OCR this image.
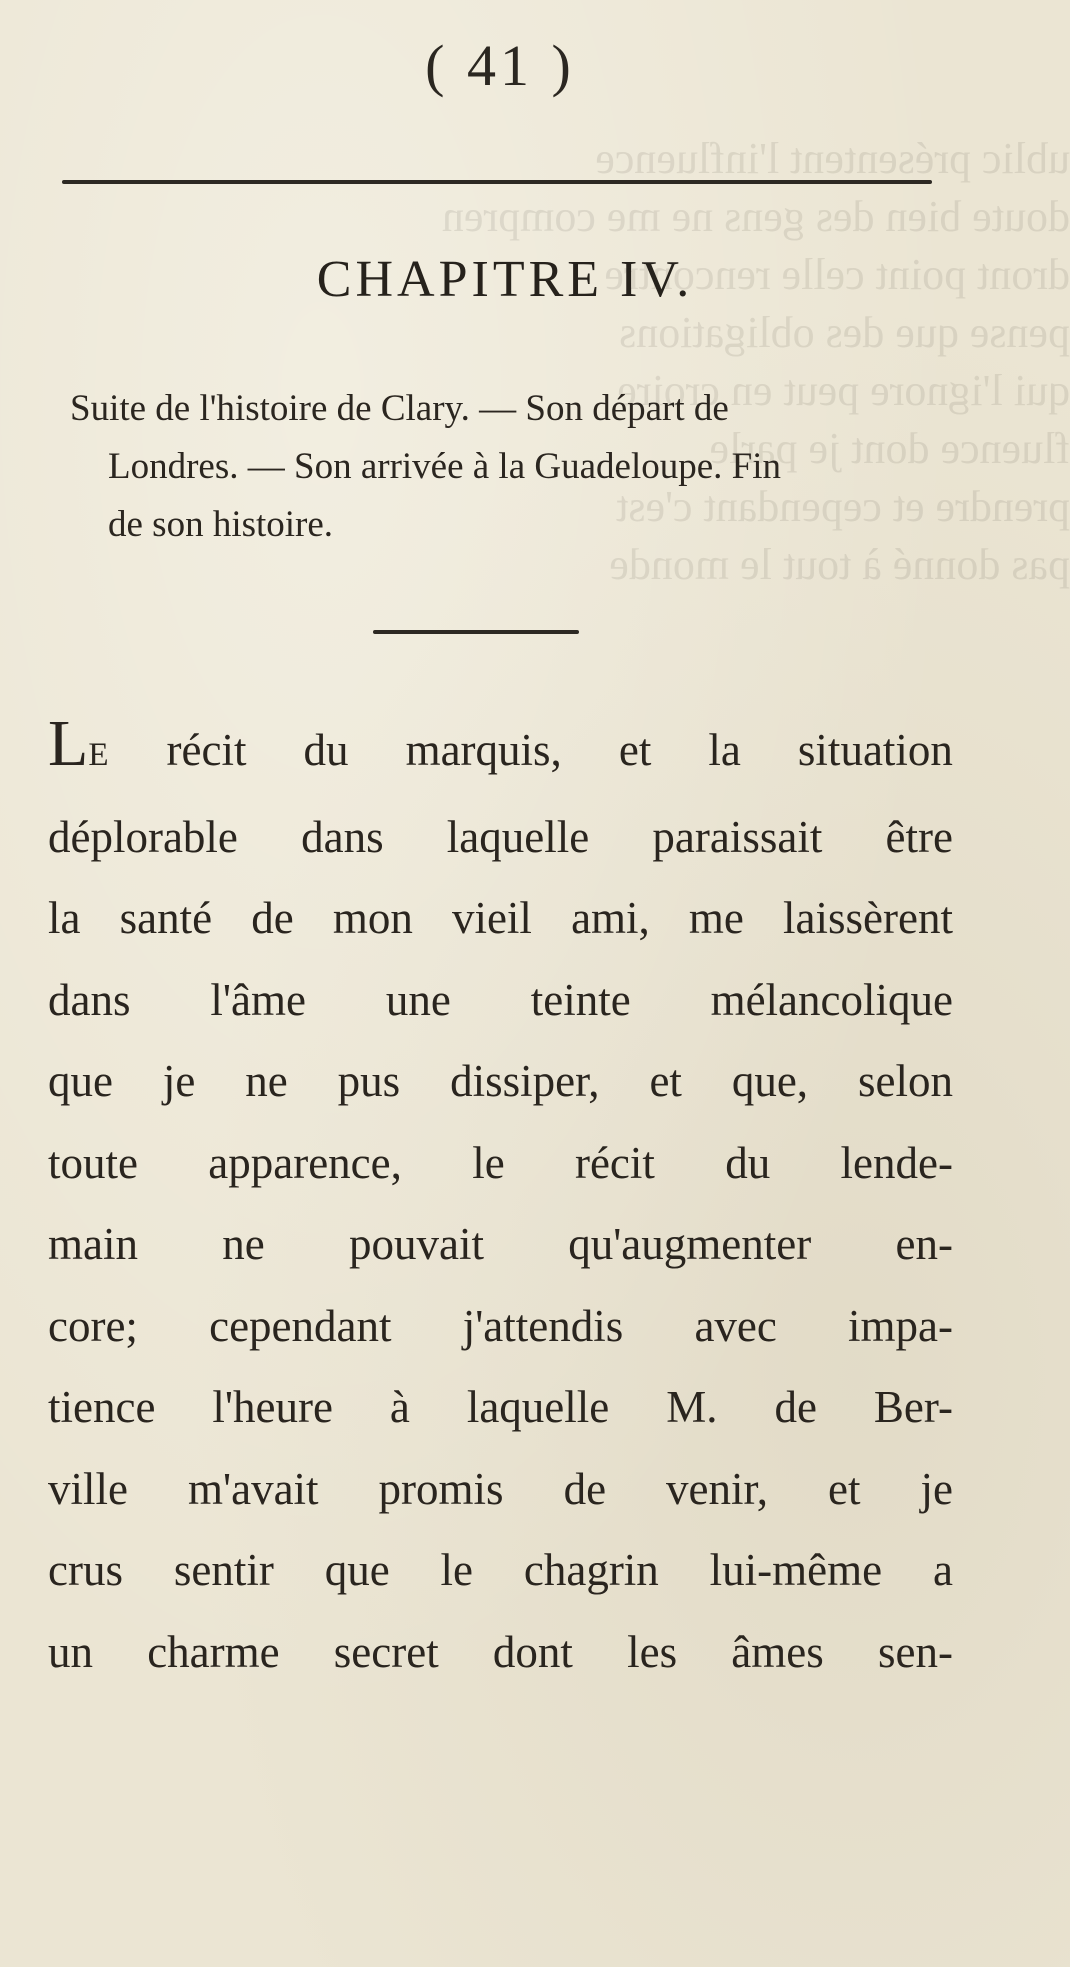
ublic présentent l'influence
doute bien des gens ne me compren
dront point celle rencontre
pense que des obligations
qui l'ignore peut en croire
fluence dont je parle
prendre et cependant c'est
pas donné à tout le monde
( 41 )
CHAPITRE IV.
Suite de l'histoire de Clary. — Son départ de
Londres. — Son arrivée à la Guadeloupe. Fin
de son histoire.
LE récit du marquis, et la situation
déplorable dans laquelle paraissait être
la santé de mon vieil ami, me laissèrent
dans l'âme une teinte mélancolique
que je ne pus dissiper, et que, selon
toute apparence, le récit du lende-
main ne pouvait qu'augmenter en-
core; cependant j'attendis avec impa-
tience l'heure à laquelle M. de Ber-
ville m'avait promis de venir, et je
crus sentir que le chagrin lui-même a
un charme secret dont les âmes sen-
